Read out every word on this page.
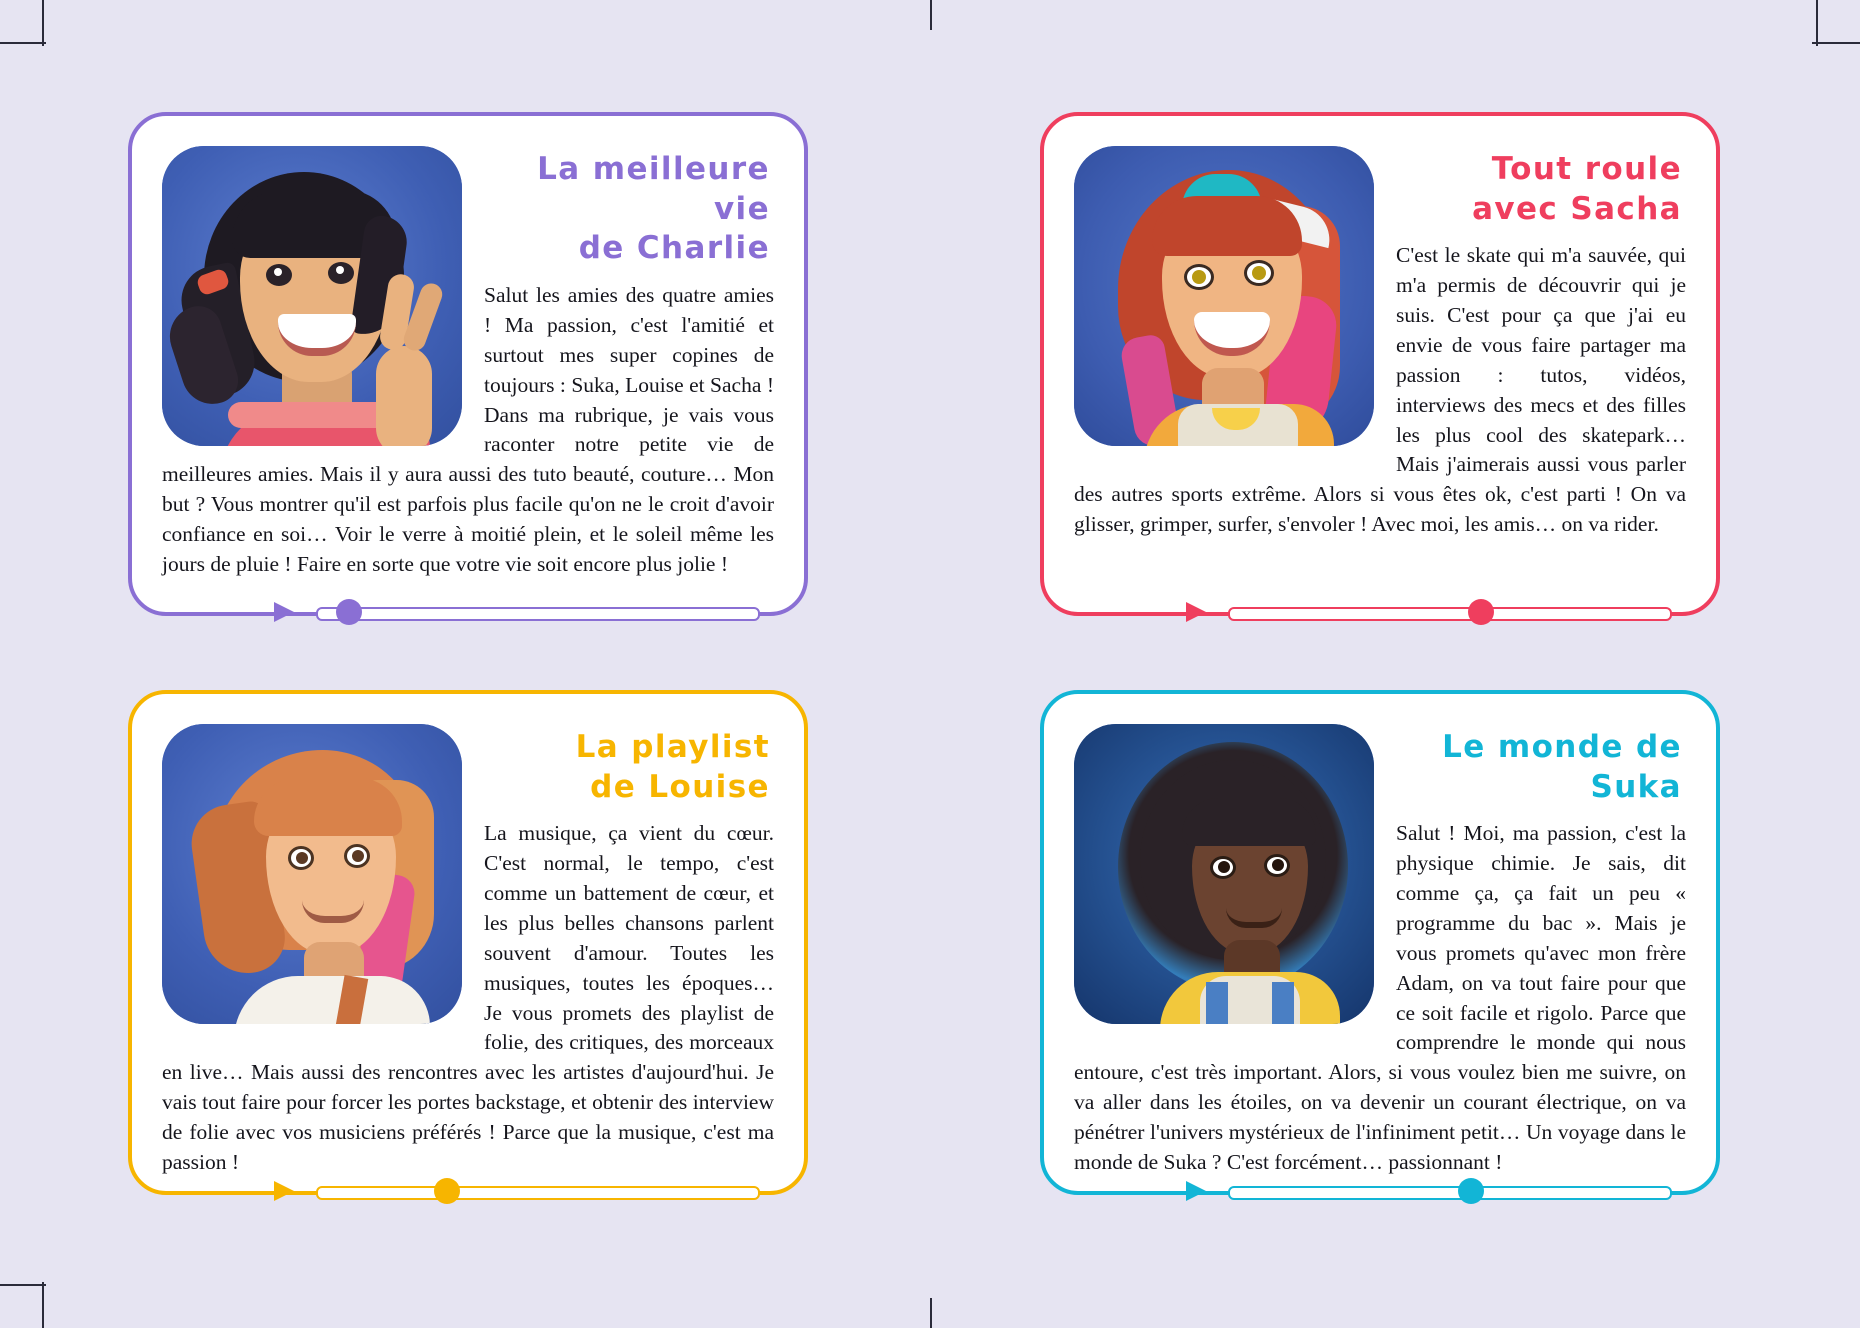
La meilleure vie
de Charlie
Salut les amies des quatre amies ! Ma passion, c'est l'amitié et surtout mes super copines de toujours : Suka, Louise et Sacha ! Dans ma rubrique, je vais vous raconter notre petite vie de meilleures amies. Mais il y aura aussi des tuto beauté, couture… Mon but ? Vous montrer qu'il est parfois plus facile qu'on ne le croit d'avoir confiance en soi… Voir le verre à moitié plein, et le soleil même les jours de pluie ! Faire en sorte que votre vie soit encore plus jolie !
Tout roule
avec Sacha
C'est le skate qui m'a sauvée, qui m'a permis de découvrir qui je suis. C'est pour ça que j'ai eu envie de vous faire partager ma passion : tutos, vidéos, interviews des mecs et des filles les plus cool des skatepark… Mais j'aimerais aussi vous parler des autres sports extrême. Alors si vous êtes ok, c'est parti ! On va glisser, grimper, surfer, s'envoler ! Avec moi, les amis… on va rider.
La playlist
de Louise
La musique, ça vient du cœur. C'est normal, le tempo, c'est comme un battement de cœur, et les plus belles chansons parlent souvent d'amour. Toutes les musiques, toutes les époques… Je vous promets des playlist de folie, des critiques, des morceaux en live… Mais aussi des rencontres avec les artistes d'aujourd'hui. Je vais tout faire pour forcer les portes backstage, et obtenir des interview de folie avec vos musiciens préférés ! Parce que la musique, c'est ma passion !
Le monde de Suka
Salut ! Moi, ma passion, c'est la physique chimie. Je sais, dit comme ça, ça fait un peu « programme du bac ». Mais je vous promets qu'avec mon frère Adam, on va tout faire pour que ce soit facile et rigolo. Parce que comprendre le monde qui nous entoure, c'est très important. Alors, si vous voulez bien me suivre, on va aller dans les étoiles, on va devenir un courant électrique, on va pénétrer l'univers mystérieux de l'infiniment petit… Un voyage dans le monde de Suka ? C'est forcément… passionnant !
